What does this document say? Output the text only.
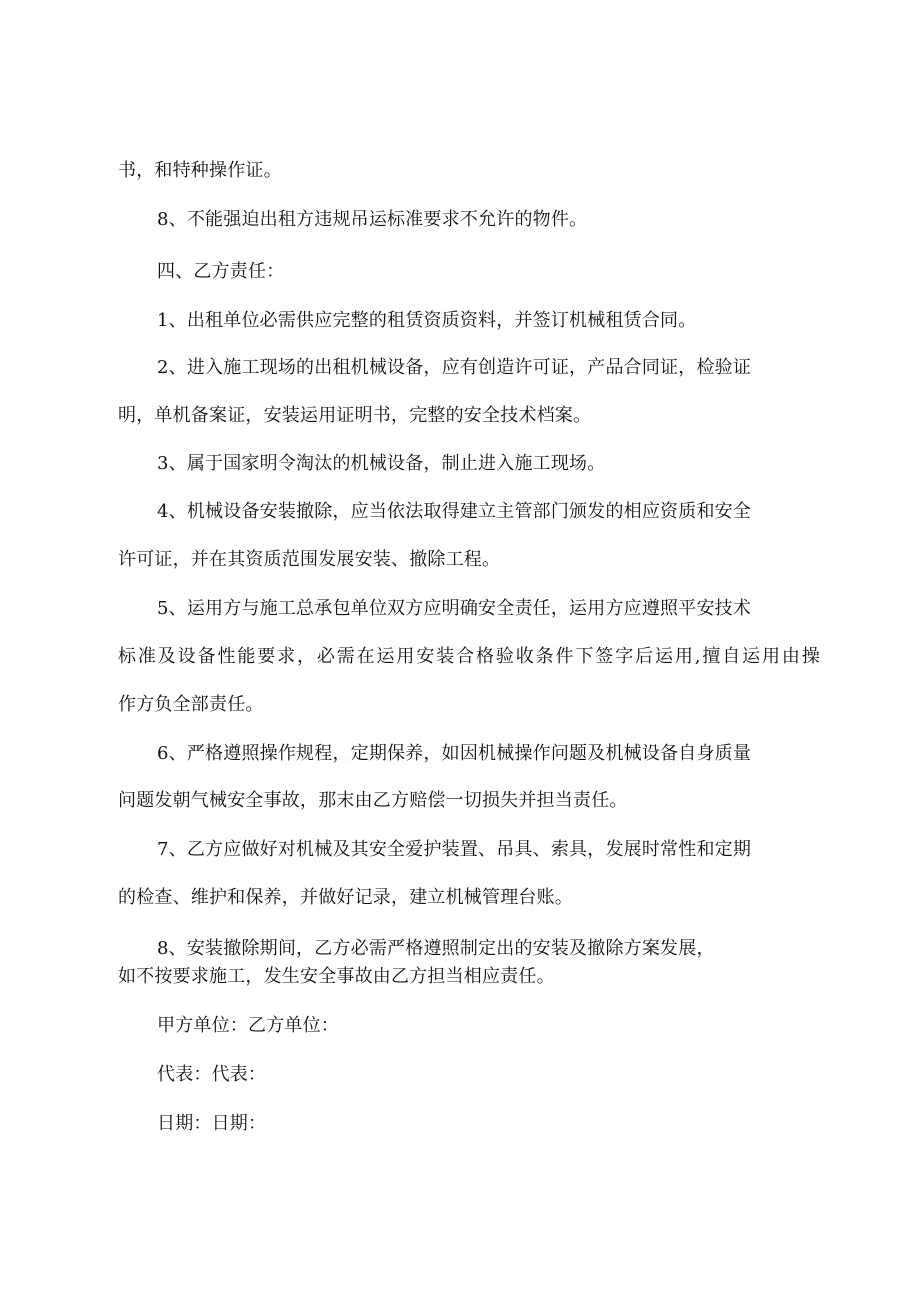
书，和特种操作证。
8、不能强迫出租方违规吊运标准要求不允许的物件。
四、乙方责任：
1、出租单位必需供应完整的租赁资质资料，并签订机械租赁合同。
2、进入施工现场的出租机械设备，应有创造许可证，产品合同证，检验证
明，单机备案证，安装运用证明书，完整的安全技术档案。
3、属于国家明令淘汰的机械设备，制止进入施工现场。
4、机械设备安装撤除，应当依法取得建立主管部门颁发的相应资质和安全
许可证，并在其资质范围发展安装、撤除工程。
5、运用方与施工总承包单位双方应明确安全责任，运用方应遵照平安技术
标准及设备性能要求，必需在运用安装合格验收条件下签字后运用,擅自运用由操
作方负全部责任。
6、严格遵照操作规程，定期保养，如因机械操作问题及机械设备自身质量
问题发朝气械安全事故，那末由乙方赔偿一切损失并担当责任。
7、乙方应做好对机械及其安全爱护装置、吊具、索具，发展时常性和定期
的检查、维护和保养，并做好记录，建立机械管理台账。
8、安装撤除期间，乙方必需严格遵照制定出的安装及撤除方案发展，
如不按要求施工，发生安全事故由乙方担当相应责任。
甲方单位：乙方单位：
代表：代表：
日期：日期：
